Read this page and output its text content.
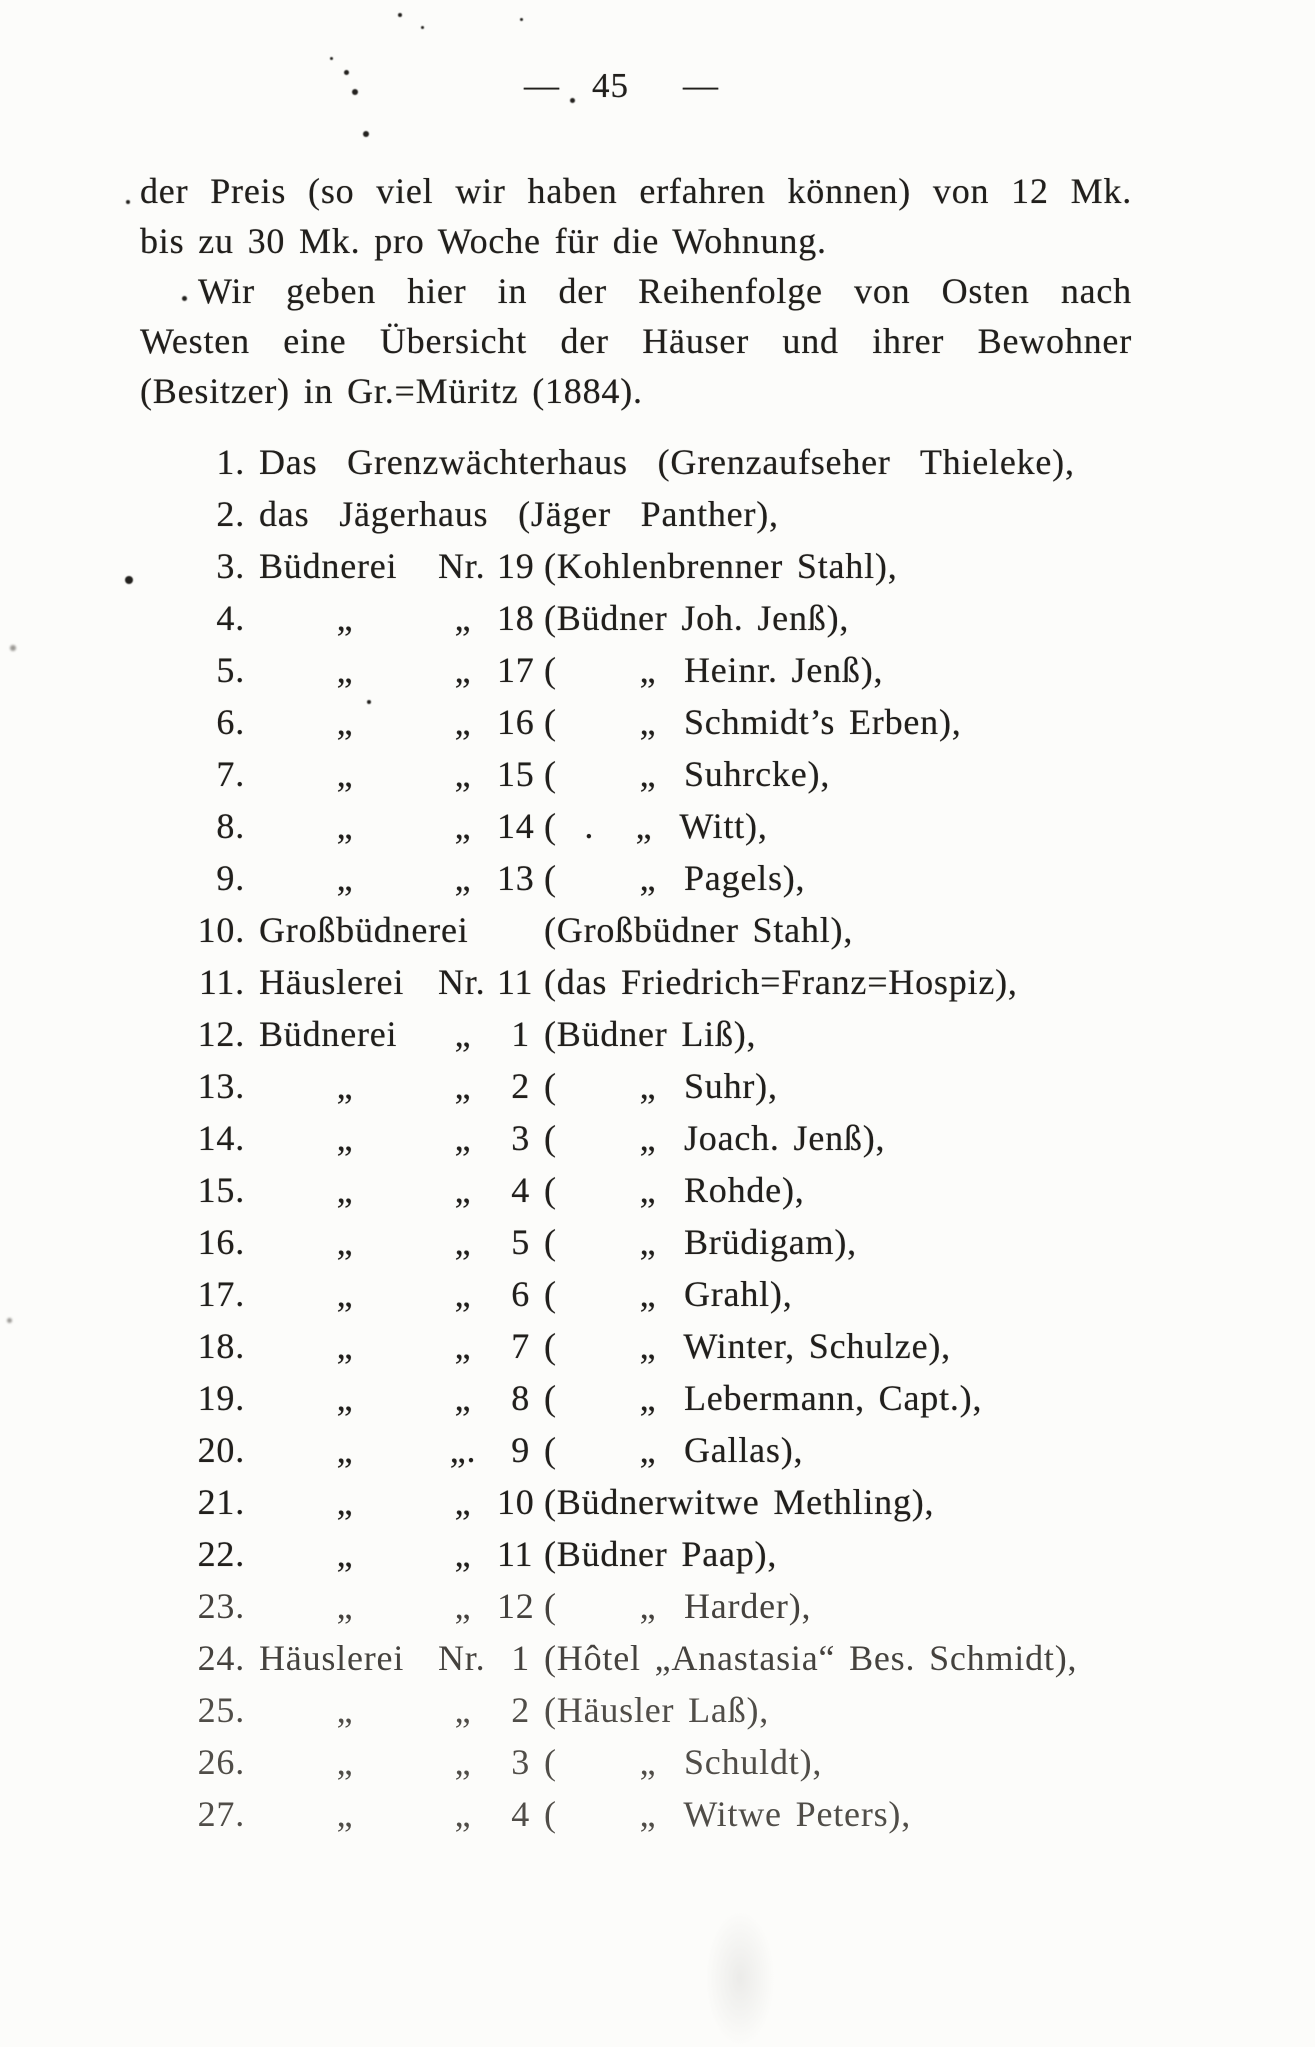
— 45 —
der Preis (so viel wir haben erfahren können) von 12 Mk.
bis zu 30 Mk. pro Woche für die Wohnung.
Wir geben hier in der Reihenfolge von Osten nach
Westen eine Übersicht der Häuser und ihrer Bewohner
(Besitzer) in Gr.=Müritz (1884).
1. Das Grenzwächterhaus (Grenzaufseher Thieleke),
2. das Jägerhaus (Jäger Panther),
3. Büdnerei Nr. 19 (Kohlenbrenner Stahl),
4.	„	„ 18 (Büdner Joh. Jenß),
5.	„	„ 17 (      „  Heinr. Jenß),
6.	„	„ 16 (      „  Schmidt’s Erben),
7.	„	„ 15 (      „  Suhrcke),
8.	„	„ 14 (  .   „  Witt),
9.	„	„ 13 (      „  Pagels),
10. Großbüdnerei (Großbüdner Stahl),
11. Häuslerei Nr. 11 (das Friedrich=Franz=Hospiz),
12. Büdnerei „ 1 (Büdner Liß),
13.	„	„ 2 (      „  Suhr),
14.	„	„ 3 (      „  Joach. Jenß),
15.	„	„ 4 (      „  Rohde),
16.	„	„ 5 (      „  Brüdigam),
17.	„	„ 6 (      „  Grahl),
18.	„	„ 7 (      „  Winter, Schulze),
19.	„	„ 8 (      „  Lebermann, Capt.),
20.	„	„. 9 (      „  Gallas),
21.	„	„ 10 (Büdnerwitwe Methling),
22.	„	„ 11 (Büdner Paap),
23.	„	„ 12 (      „  Harder),
24. Häuslerei Nr. 1 (Hôtel „Anastasia“ Bes. Schmidt),
25.	„	„ 2 (Häusler Laß),
26.	„	„ 3 (      „  Schuldt),
27.	„	„ 4 (      „  Witwe Peters),
